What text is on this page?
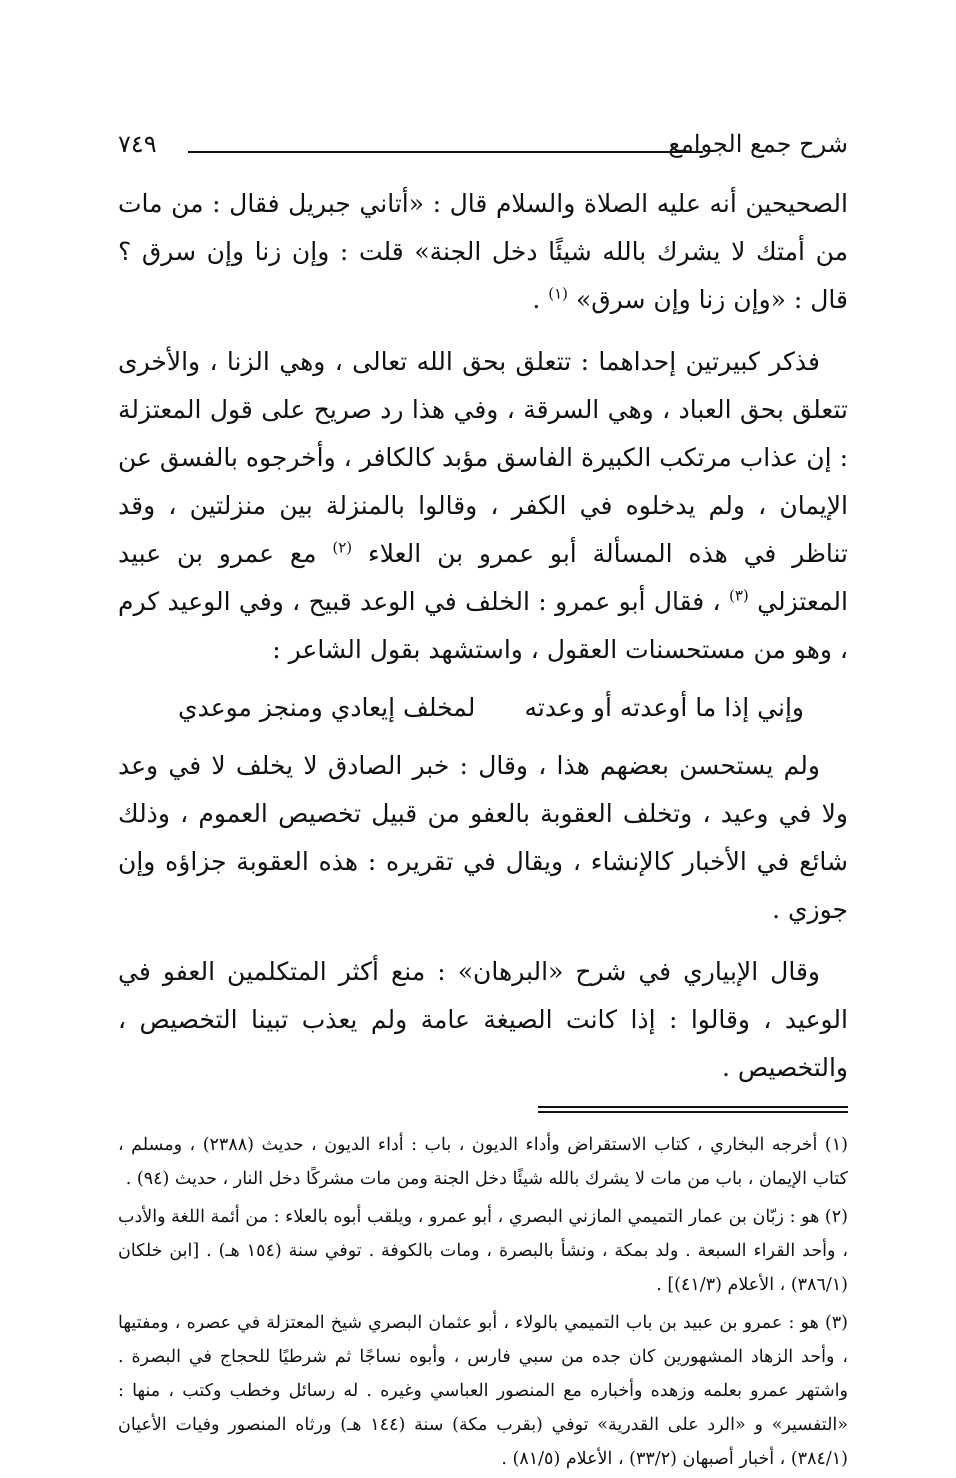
شرح جمع الجوامع
٧٤٩

الصحيحين أنه عليه الصلاة والسلام قال : «أتاني جبريل فقال : من مات من أمتك لا يشرك بالله شيئًا دخل الجنة» قلت : وإن زنا وإن سرق ؟ قال : «وإن زنا وإن سرق» $^{(١)}$ .

فذكر كبيرتين إحداهما : تتعلق بحق الله تعالى ، وهي الزنا ، والأخرى تتعلق بحق العباد ، وهي السرقة ، وفي هذا رد صريح على قول المعتزلة : إن عذاب مرتكب الكبيرة الفاسق مؤبد كالكافر ، وأخرجوه بالفسق عن الإيمان ، ولم يدخلوه في الكفر ، وقالوا بالمنزلة بين منزلتين ، وقد تناظر في هذه المسألة أبو عمرو بن العلاء $^{(٢)}$ مع عمرو بن عبيد المعتزلي $^{(٣)}$ ، فقال أبو عمرو : الخلف في الوعد قبيح ، وفي الوعيد كرم ، وهو من مستحسنات العقول ، واستشهد بقول الشاعر :

وإني إذا ما أوعدته أو وعدته
لمخلف إيعادي ومنجز موعدي

ولم يستحسن بعضهم هذا ، وقال : خبر الصادق لا يخلف لا في وعد ولا في وعيد ، وتخلف العقوبة بالعفو من قبيل تخصيص العموم ، وذلك شائع في الأخبار كالإنشاء ، ويقال في تقريره : هذه العقوبة جزاؤه وإن جوزي .

وقال الإبياري في شرح «البرهان» : منع أكثر المتكلمين العفو في الوعيد ، وقالوا : إذا كانت الصيغة عامة ولم يعذب تبينا التخصيص ، والتخصيص .

(١) أخرجه البخاري ، كتاب الاستقراض وأداء الديون ، باب : أداء الديون ، حديث (٢٣٨٨) ، ومسلم ، كتاب الإيمان ، باب من مات لا يشرك بالله شيئًا دخل الجنة ومن مات مشركًا دخل النار ، حديث (٩٤) .

(٢) هو : زبّان بن عمار التميمي المازني البصري ، أبو عمرو ، ويلقب أبوه بالعلاء : من أئمة اللغة والأدب ، وأحد القراء السبعة . ولد بمكة ، ونشأ بالبصرة ، ومات بالكوفة . توفي سنة (١٥٤ هـ) . [ابن خلكان (٣٨٦/١) ، الأعلام (٤١/٣)] .

(٣) هو : عمرو بن عبيد بن باب التميمي بالولاء ، أبو عثمان البصري شيخ المعتزلة في عصره ، ومفتيها ، وأحد الزهاد المشهورين كان جده من سبي فارس ، وأبوه نساجًا ثم شرطيًا للحجاج في البصرة . واشتهر عمرو بعلمه وزهده وأخباره مع المنصور العباسي وغيره . له رسائل وخطب وكتب ، منها : «التفسير» و «الرد على القدرية» توفي (بقرب مكة) سنة (١٤٤ هـ) ورثاه المنصور وفيات الأعيان (٣٨٤/١) ، أخبار أصبهان (٣٣/٢) ، الأعلام (٨١/٥) .
